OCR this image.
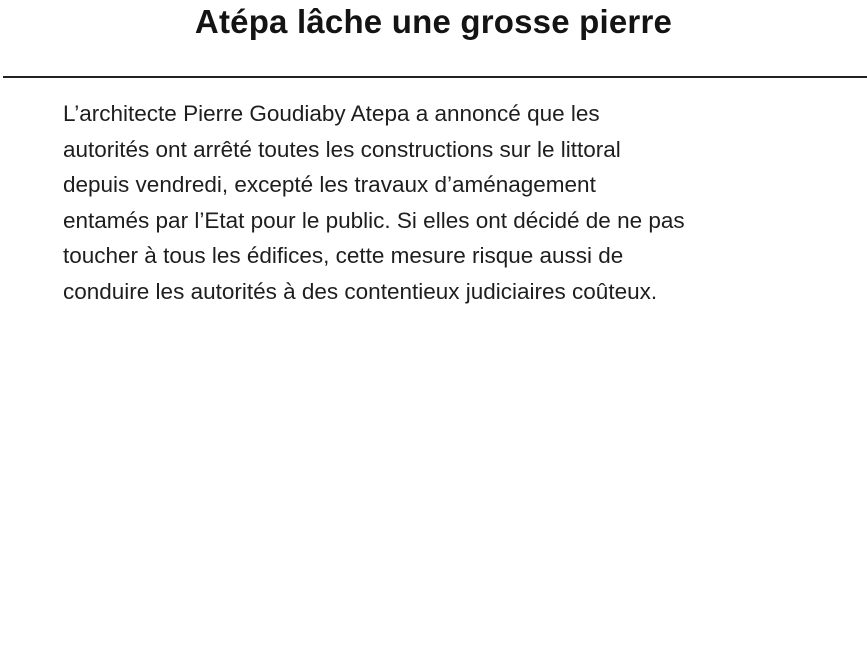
Atépa lâche une grosse pierre

L’architecte Pierre Goudiaby Atepa a annoncé que les
autorités ont arrêté toutes les constructions sur le littoral
depuis vendredi, excepté les travaux d’aménagement
entamés par l’Etat pour le public. Si elles ont décidé de ne pas
toucher à tous les édifices, cette mesure risque aussi de
conduire les autorités à des contentieux judiciaires coûteux.
